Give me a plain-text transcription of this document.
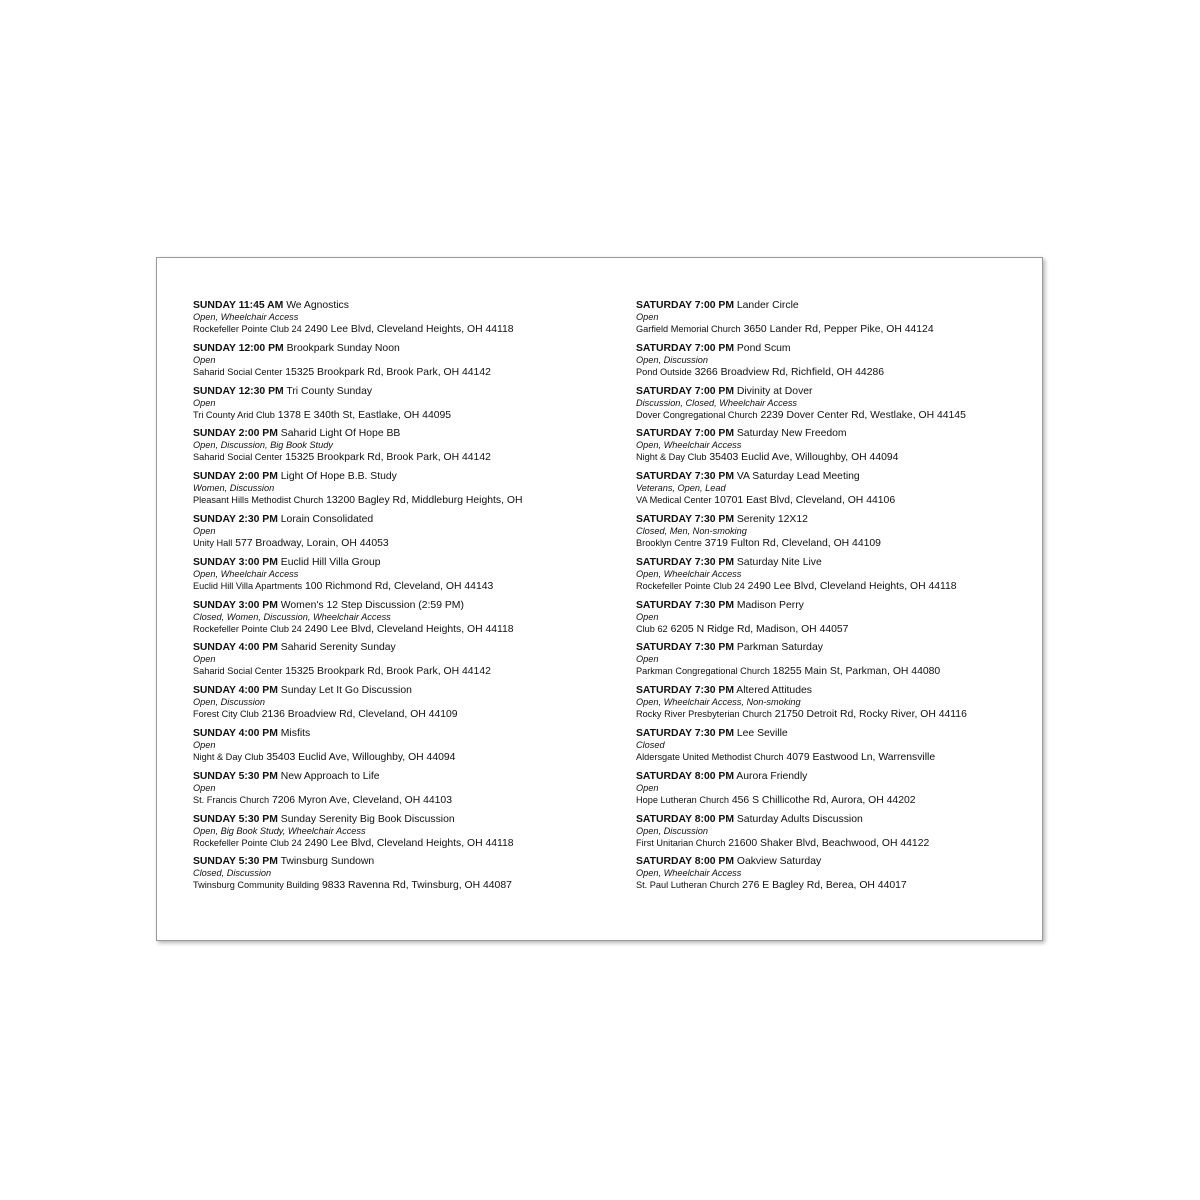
SUNDAY 11:45 AM We Agnostics
Open, Wheelchair Access
Rockefeller Pointe Club 24 2490 Lee Blvd, Cleveland Heights, OH 44118
SUNDAY 12:00 PM Brookpark Sunday Noon
Open
Saharid Social Center 15325 Brookpark Rd, Brook Park, OH 44142
SUNDAY 12:30 PM Tri County Sunday
Open
Tri County Arid Club 1378 E 340th St, Eastlake, OH 44095
SUNDAY 2:00 PM Saharid Light Of Hope BB
Open, Discussion, Big Book Study
Saharid Social Center 15325 Brookpark Rd, Brook Park, OH 44142
SUNDAY 2:00 PM Light Of Hope B.B. Study
Women, Discussion
Pleasant Hills Methodist Church 13200 Bagley Rd, Middleburg Heights, OH
SUNDAY 2:30 PM Lorain Consolidated
Open
Unity Hall 577 Broadway, Lorain, OH 44053
SUNDAY 3:00 PM Euclid Hill Villa Group
Open, Wheelchair Access
Euclid Hill Villa Apartments 100 Richmond Rd, Cleveland, OH 44143
SUNDAY 3:00 PM Women's 12 Step Discussion (2:59 PM)
Closed, Women, Discussion, Wheelchair Access
Rockefeller Pointe Club 24 2490 Lee Blvd, Cleveland Heights, OH 44118
SUNDAY 4:00 PM Saharid Serenity Sunday
Open
Saharid Social Center 15325 Brookpark Rd, Brook Park, OH 44142
SUNDAY 4:00 PM Sunday Let It Go Discussion
Open, Discussion
Forest City Club 2136 Broadview Rd, Cleveland, OH 44109
SUNDAY 4:00 PM Misfits
Open
Night & Day Club 35403 Euclid Ave, Willoughby, OH 44094
SUNDAY 5:30 PM New Approach to Life
Open
St. Francis Church 7206 Myron Ave, Cleveland, OH 44103
SUNDAY 5:30 PM Sunday Serenity Big Book Discussion
Open, Big Book Study, Wheelchair Access
Rockefeller Pointe Club 24 2490 Lee Blvd, Cleveland Heights, OH 44118
SUNDAY 5:30 PM Twinsburg Sundown
Closed, Discussion
Twinsburg Community Building 9833 Ravenna Rd, Twinsburg, OH 44087
SATURDAY 7:00 PM Lander Circle
Open
Garfield Memorial Church 3650 Lander Rd, Pepper Pike, OH 44124
SATURDAY 7:00 PM Pond Scum
Open, Discussion
Pond Outside 3266 Broadview Rd, Richfield, OH 44286
SATURDAY 7:00 PM Divinity at Dover
Discussion, Closed, Wheelchair Access
Dover Congregational Church 2239 Dover Center Rd, Westlake, OH 44145
SATURDAY 7:00 PM Saturday New Freedom
Open, Wheelchair Access
Night & Day Club 35403 Euclid Ave, Willoughby, OH 44094
SATURDAY 7:30 PM VA Saturday Lead Meeting
Veterans, Open, Lead
VA Medical Center 10701 East Blvd, Cleveland, OH 44106
SATURDAY 7:30 PM Serenity 12X12
Closed, Men, Non-smoking
Brooklyn Centre 3719 Fulton Rd, Cleveland, OH 44109
SATURDAY 7:30 PM Saturday Nite Live
Open, Wheelchair Access
Rockefeller Pointe Club 24 2490 Lee Blvd, Cleveland Heights, OH 44118
SATURDAY 7:30 PM Madison Perry
Open
Club 62 6205 N Ridge Rd, Madison, OH 44057
SATURDAY 7:30 PM Parkman Saturday
Open
Parkman Congregational Church 18255 Main St, Parkman, OH 44080
SATURDAY 7:30 PM Altered Attitudes
Open, Wheelchair Access, Non-smoking
Rocky River Presbyterian Church 21750 Detroit Rd, Rocky River, OH 44116
SATURDAY 7:30 PM Lee Seville
Closed
Aldersgate United Methodist Church 4079 Eastwood Ln, Warrensville
SATURDAY 8:00 PM Aurora Friendly
Open
Hope Lutheran Church 456 S Chillicothe Rd, Aurora, OH 44202
SATURDAY 8:00 PM Saturday Adults Discussion
Open, Discussion
First Unitarian Church 21600 Shaker Blvd, Beachwood, OH 44122
SATURDAY 8:00 PM Oakview Saturday
Open, Wheelchair Access
St. Paul Lutheran Church 276 E Bagley Rd, Berea, OH 44017
